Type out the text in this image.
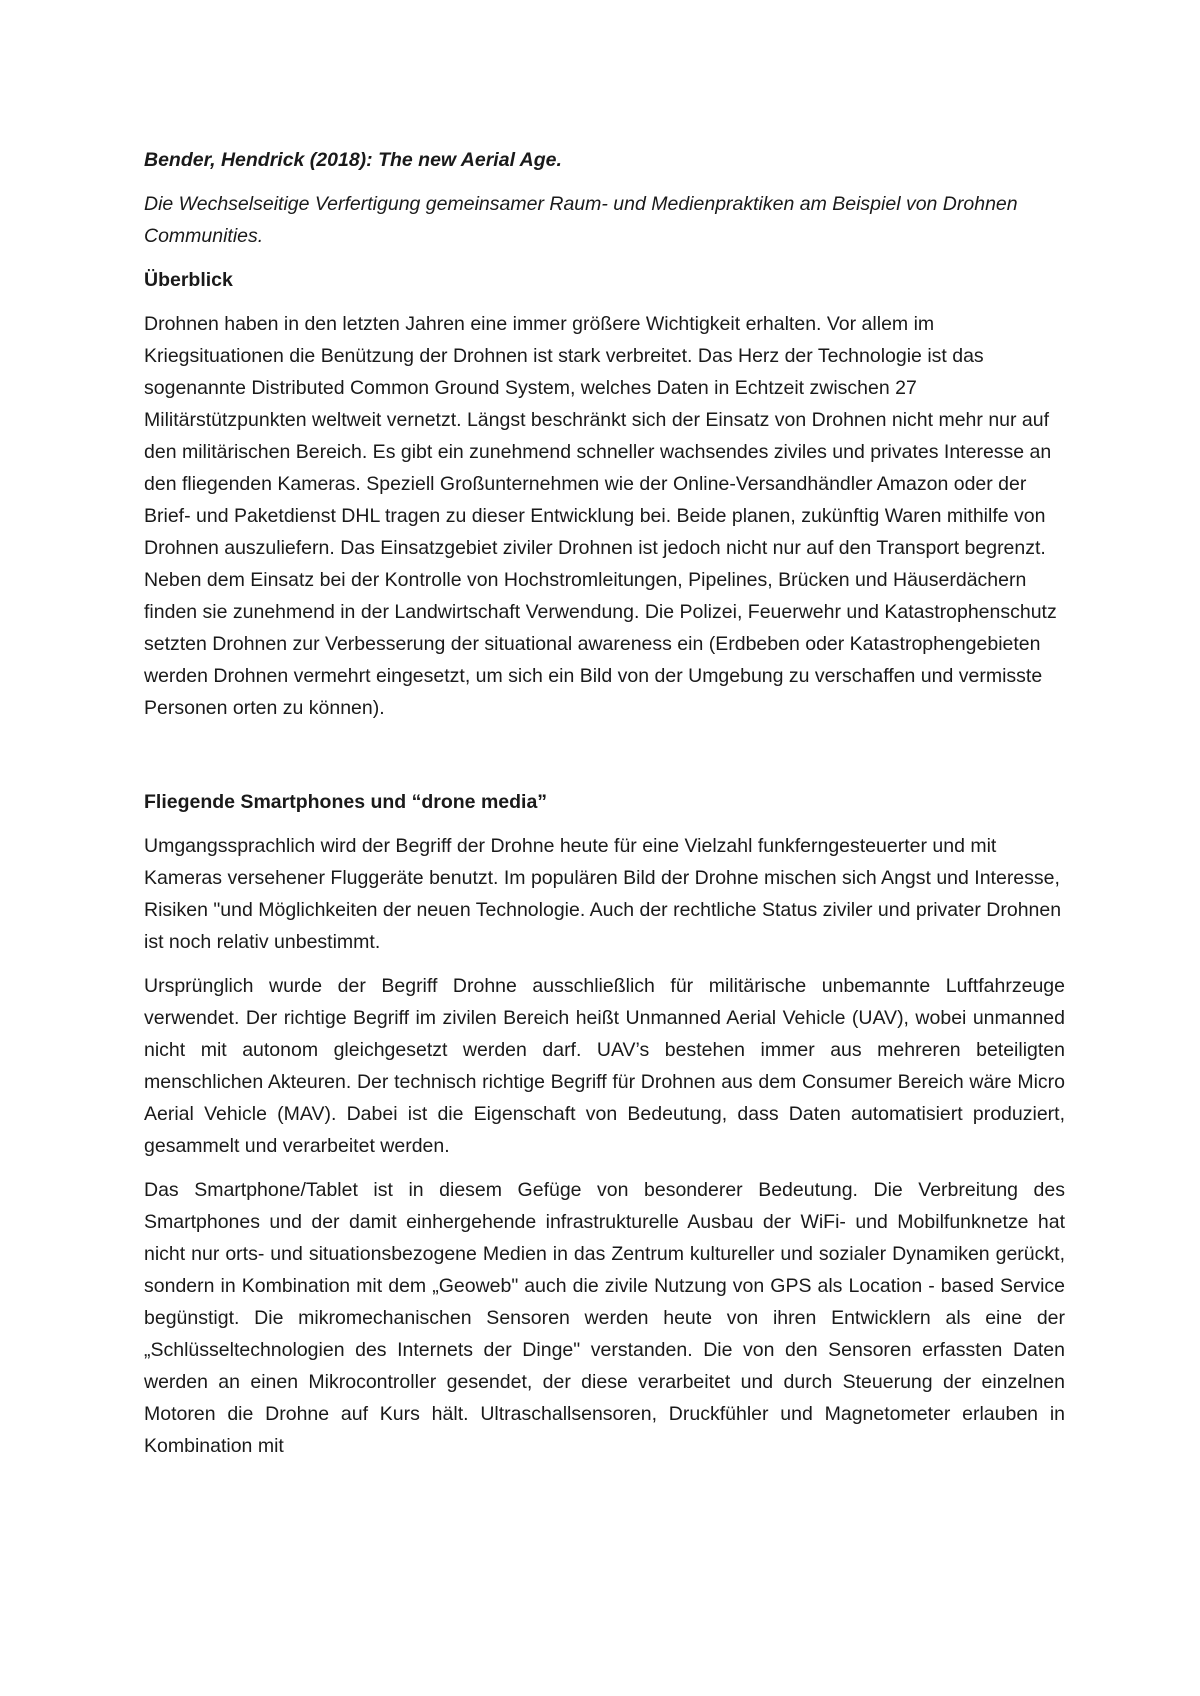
Bender, Hendrick (2018): The new Aerial Age.

Die Wechselseitige Verfertigung gemeinsamer Raum- und Medienpraktiken am Beispiel von Drohnen Communities.

Überblick

Drohnen haben in den letzten Jahren eine immer größere Wichtigkeit erhalten. Vor allem im Kriegsituationen die Benützung der Drohnen ist stark verbreitet. Das Herz der Technologie ist das sogenannte Distributed Common Ground System, welches Daten in Echtzeit zwischen 27 Militärstützpunkten weltweit vernetzt. Längst beschränkt sich der Einsatz von Drohnen nicht mehr nur auf den militärischen Bereich. Es gibt ein zunehmend schneller wachsendes ziviles und privates Interesse an den fliegenden Kameras. Speziell Großunternehmen wie der Online-Versandhändler Amazon oder der Brief- und Paketdienst DHL tragen zu dieser Entwicklung bei. Beide planen, zukünftig Waren mithilfe von Drohnen auszuliefern. Das Einsatzgebiet ziviler Drohnen ist jedoch nicht nur auf den Transport begrenzt. Neben dem Einsatz bei der Kontrolle von Hochstromleitungen, Pipelines, Brücken und Häuserdächern finden sie zunehmend in der Landwirtschaft Verwendung. Die Polizei, Feuerwehr und Katastrophenschutz setzten Drohnen zur Verbesserung der situational awareness ein (Erdbeben oder Katastrophengebieten werden Drohnen vermehrt eingesetzt, um sich ein Bild von der Umgebung zu verschaffen und vermisste Personen orten zu können).

Fliegende Smartphones und “drone media”

Umgangssprachlich wird der Begriff der Drohne heute für eine Vielzahl funkferngesteuerter und mit Kameras versehener Fluggeräte benutzt. Im populären Bild der Drohne mischen sich Angst und Interesse, Risiken "und Möglichkeiten der neuen Technologie. Auch der rechtliche Status ziviler und privater Drohnen ist noch relativ unbestimmt.

Ursprünglich wurde der Begriff Drohne ausschließlich für militärische unbemannte Luftfahrzeuge verwendet. Der richtige Begriff im zivilen Bereich heißt Unmanned Aerial Vehicle (UAV), wobei unmanned nicht mit autonom gleichgesetzt werden darf. UAV’s bestehen immer aus mehreren beteiligten menschlichen Akteuren. Der technisch richtige Begriff für Drohnen aus dem Consumer Bereich wäre Micro Aerial Vehicle (MAV). Dabei ist die Eigenschaft von Bedeutung, dass Daten automatisiert produziert, gesammelt und verarbeitet werden.

Das Smartphone/Tablet ist in diesem Gefüge von besonderer Bedeutung. Die Verbreitung des Smartphones und der damit einhergehende infrastrukturelle Ausbau der WiFi- und Mobilfunknetze hat nicht nur orts- und situationsbezogene Medien in das Zentrum kultureller und sozialer Dynamiken gerückt, sondern in Kombination mit dem „Geoweb" auch die zivile Nutzung von GPS als Location - based Service begünstigt. Die mikromechanischen Sensoren werden heute von ihren Entwicklern als eine der „Schlüsseltechnologien des Internets der Dinge" verstanden. Die von den Sensoren erfassten Daten werden an einen Mikrocontroller gesendet, der diese verarbeitet und durch Steuerung der einzelnen Motoren die Drohne auf Kurs hält. Ultraschallsensoren, Druckfühler und Magnetometer erlauben in Kombination mit
